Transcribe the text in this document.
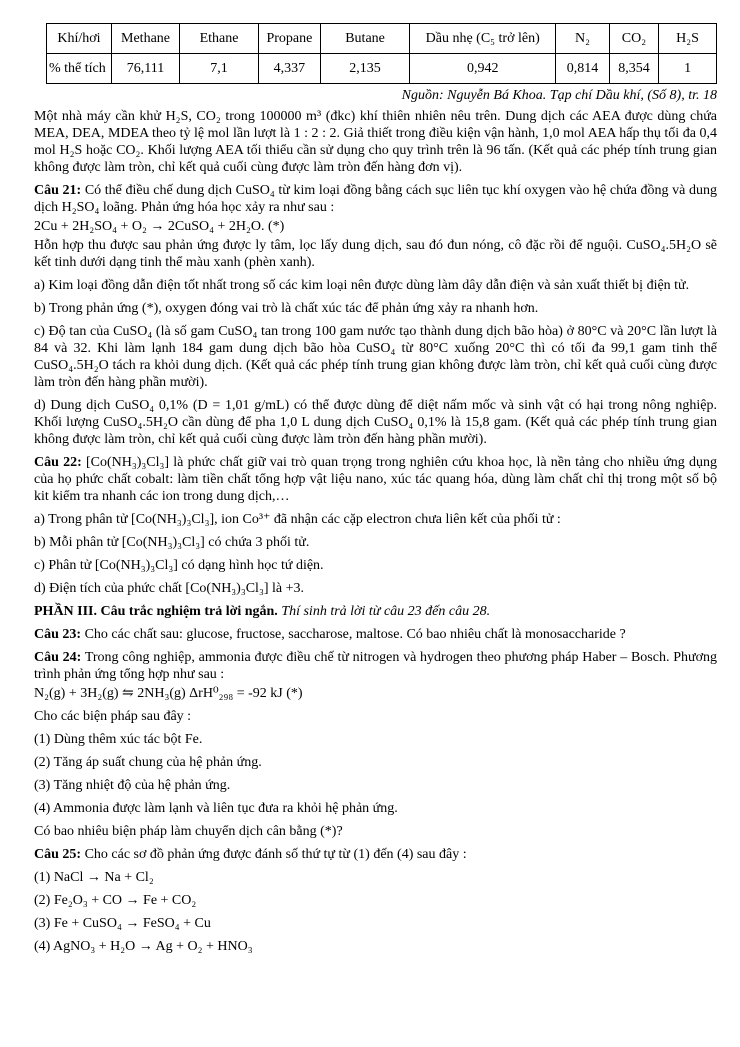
Khí/hơi	Methane	Ethane	Propane	Butane	Dầu nhẹ (C₅ trở lên)	N₂	CO₂	H₂S
% thể tích	76,111	7,1	4,337	2,135	0,942	0,814	8,354	1
Nguồn: Nguyễn Bá Khoa. Tạp chí Dầu khí, (Số 8), tr. 18

Một nhà máy cần khử H₂S, CO₂ trong 100000 m³ (đkc) khí thiên nhiên nêu trên. Dung dịch các AEA được dùng chứa MEA, DEA, MDEA theo tỷ lệ mol lần lượt là 1 : 2 : 2. Giả thiết trong điều kiện vận hành, 1,0 mol AEA hấp thụ tối đa 0,4 mol H₂S hoặc CO₂. Khối lượng AEA tối thiểu cần sử dụng cho quy trình trên là 96 tấn. (Kết quả các phép tính trung gian không được làm tròn, chỉ kết quả cuối cùng được làm tròn đến hàng đơn vị).

Câu 21: Có thể điều chế dung dịch CuSO₄ từ kim loại đồng bằng cách sục liên tục khí oxygen vào hệ chứa đồng và dung dịch H₂SO₄ loãng. Phản ứng hóa học xảy ra như sau :

2Cu + 2H₂SO₄ + O₂ → 2CuSO₄ + 2H₂O. (*)

Hỗn hợp thu được sau phản ứng được ly tâm, lọc lấy dung dịch, sau đó đun nóng, cô đặc rồi để nguội. CuSO₄.5H₂O sẽ kết tinh dưới dạng tinh thể màu xanh (phèn xanh).

a) Kim loại đồng dẫn điện tốt nhất trong số các kim loại nên được dùng làm dây dẫn điện và sản xuất thiết bị điện tử.

b) Trong phản ứng (*), oxygen đóng vai trò là chất xúc tác để phản ứng xảy ra nhanh hơn.

c) Độ tan của CuSO₄ (là số gam CuSO₄ tan trong 100 gam nước tạo thành dung dịch bão hòa) ở 80°C và 20°C lần lượt là 84 và 32. Khi làm lạnh 184 gam dung dịch bão hòa CuSO₄ từ 80°C xuống 20°C thì có tối đa 99,1 gam tinh thể CuSO₄.5H₂O tách ra khỏi dung dịch. (Kết quả các phép tính trung gian không được làm tròn, chỉ kết quả cuối cùng được làm tròn đến hàng phần mười).

d) Dung dịch CuSO₄ 0,1% (D = 1,01 g/mL) có thể được dùng để diệt nấm mốc và sinh vật có hại trong nông nghiệp. Khối lượng CuSO₄.5H₂O cần dùng để pha 1,0 L dung dịch CuSO₄ 0,1% là 15,8 gam. (Kết quả các phép tính trung gian không được làm tròn, chỉ kết quả cuối cùng được làm tròn đến hàng phần mười).

Câu 22: [Co(NH₃)₃Cl₃] là phức chất giữ vai trò quan trọng trong nghiên cứu khoa học, là nền tảng cho nhiều ứng dụng của họ phức chất cobalt: làm tiền chất tổng hợp vật liệu nano, xúc tác quang hóa, dùng làm chất chỉ thị trong một số bộ kit kiểm tra nhanh các ion trong dung dịch,…

a) Trong phân tử [Co(NH₃)₃Cl₃], ion Co³⁺ đã nhận các cặp electron chưa liên kết của phối tử :

b) Mỗi phân tử [Co(NH₃)₃Cl₃] có chứa 3 phối tử.

c) Phân tử [Co(NH₃)₃Cl₃] có dạng hình học tứ diện.

d) Điện tích của phức chất [Co(NH₃)₃Cl₃] là +3.

PHẦN III. Câu trắc nghiệm trả lời ngắn. Thí sinh trả lời từ câu 23 đến câu 28.

Câu 23: Cho các chất sau: glucose, fructose, saccharose, maltose. Có bao nhiêu chất là monosaccharide ?

Câu 24: Trong công nghiệp, ammonia được điều chế từ nitrogen và hydrogen theo phương pháp Haber – Bosch. Phương trình phản ứng tổng hợp như sau :

N₂(g) + 3H₂(g) ⇋ 2NH₃(g) ΔrH⁰₂₉₈ = -92 kJ (*)

Cho các biện pháp sau đây :

(1) Dùng thêm xúc tác bột Fe.

(2) Tăng áp suất chung của hệ phản ứng.

(3) Tăng nhiệt độ của hệ phản ứng.

(4) Ammonia được làm lạnh và liên tục đưa ra khỏi hệ phản ứng.

Có bao nhiêu biện pháp làm chuyển dịch cân bằng (*)?

Câu 25: Cho các sơ đồ phản ứng được đánh số thứ tự từ (1) đến (4) sau đây :

(1) NaCl → Na + Cl₂

(2) Fe₂O₃ + CO → Fe + CO₂

(3) Fe + CuSO₄ → FeSO₄ + Cu

(4) AgNO₃ + H₂O → Ag + O₂ + HNO₃
